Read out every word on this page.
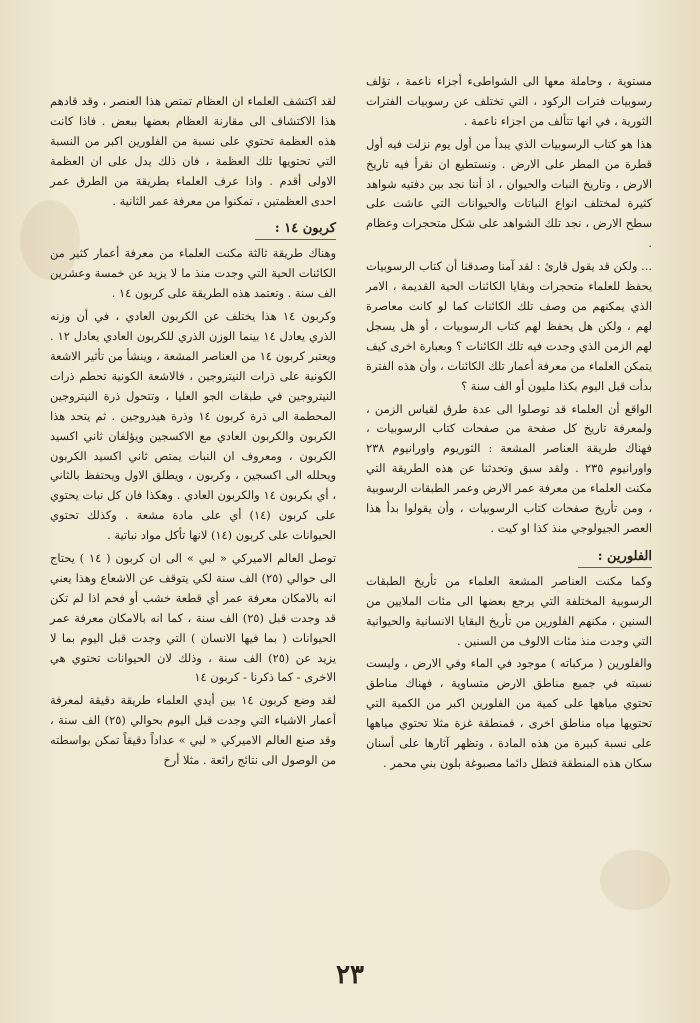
مستوية ، وحاملة معها الى الشواطىء أجزاء ناعمة ، تؤلف رسوبيات فترات الركود ، التي تختلف عن رسوبيات الفترات الثورية ، في انها تتألف من اجزاء ناعمة .

هذا هو كتاب الرسوبيات الذي يبدأ من أول يوم نزلت فيه أول قطرة من المطر على الارض . ونستطيع ان نقرأ فيه تاريخ الارض ، وتاريخ النبات والحيوان ، اذ أننا نجد بين دفتيه شواهد كثيرة لمختلف انواع النباتات والحيوانات التي عاشت على سطح الارض ، نجد تلك الشواهد على شكل متحجرات وعظام .

... ولكن قد يقول قارئ : لقد آمنا وصدقنا أن كتاب الرسوبيات يحفظ للعلماء متحجرات وبقايا الكائنات الحية القديمة ، الامر الذي يمكنهم من وصف تلك الكائنات كما لو كانت معاصرة لهم ، ولكن هل يحفظ لهم كتاب الرسوبيات ، أو هل يسجل لهم الزمن الذي وجدت فيه تلك الكائنات ؟ وبعبارة اخرى كيف يتمكن العلماء من معرفة أعمار تلك الكائنات ، وأن هذه الفترة بدأت قبل اليوم بكذا مليون أو الف سنة ؟

الواقع أن العلماء قد توصلوا الى عدة طرق لقياس الزمن ، ولمعرفة تاريخ كل صفحة من صفحات كتاب الرسوبيات ، فهناك طريقة العناصر المشعة : الثوريوم واورانيوم ٢٣٨ واورانيوم ٢٣٥ . ولقد سبق وتحدثنا عن هذه الطريقة التي مكنت العلماء من معرفة عمر الارض وعمر الطبقات الرسوبية ، ومن تأريخ صفحات كتاب الرسوبيات ، وأن يقولوا بدأ هذا العصر الجيولوجي منذ كذا او كيت .

الفلورين :

وكما مكنت العناصر المشعة العلماء من تأريخ الطبقات الرسوبية المختلفة التي يرجع بعضها الى مئات الملايين من السنين ، مكنهم الفلورين من تأريخ البقايا الانسانية والحيوانية التي وجدت منذ مئات الالوف من السنين .

والفلورين ( مركباته ) موجود في الماء وفي الارض ، وليست نسبته في جميع مناطق الارض متساوية ، فهناك مناطق تحتوي مياهها على كمية من الفلورين اكبر من الكمية التي تحتويها مياه مناطق اخرى ، فمنطقة غزة مثلا تحتوي مياهها على نسبة كبيرة من هذه المادة ، وتظهر آثارها على أسنان سكان هذه المنطقة فتظل دائما مصبوغة بلون بني محمر .

لقد اكتشف العلماء ان العظام تمتص هذا العنصر ، وقد قادهم هذا الاكتشاف الى مقارنة العظام بعضها ببعض . فاذا كانت هذه العظمة تحتوي على نسبة من الفلورين اكبر من النسبة التي تحتويها تلك العظمة ، فان ذلك يدل على ان العظمة الاولى أقدم . واذا عرف العلماء بطريقة من الطرق عمر احدى العظمتين ، تمكنوا من معرفة عمر الثانية .

كربون ١٤ :

وهناك طريقة ثالثة مكنت العلماء من معرفة أعمار كثير من الكائنات الحية التي وجدت منذ ما لا يزيد عن خمسة وعشرين الف سنة . وتعتمد هذه الطريقة على كربون ١٤ .

وكربون ١٤ هذا يختلف عن الكربون العادي ، في أن وزنه الذري يعادل ١٤ بينما الوزن الذري للكربون العادي يعادل ١٢ . ويعتبر كربون ١٤ من العناصر المشعة ، وينشأ من تأثير الاشعة الكونية على ذرات النيتروجين ، فالاشعة الكونية تحطم ذرات النيتروجين في طبقات الجو العليا ، وتتحول ذرة النيتروجين المحطمة الى ذرة كربون ١٤ وذرة هيدروجين . ثم يتحد هذا الكربون والكربون العادي مع الاكسجين ويؤلفان ثاني اكسيد الكربون ، ومعروف ان النبات يمتص ثاني اكسيد الكربون ويحلله الى اكسجين ، وكربون ، ويطلق الاول ويحتفظ بالثاني ، أي بكربون ١٤ والكربون العادي . وهكذا فان كل نبات يحتوي على كربون (١٤) أي على مادة مشعة . وكذلك تحتوي الحيوانات على كربون (١٤) لانها تأكل مواد نباتية .

توصل العالم الاميركي « لبي » الى ان كربون ( ١٤ ) يحتاج الى حوالي (٢٥) الف سنة لكي يتوقف عن الاشعاع وهذا يعني انه بالامكان معرفة عمر أي قطعة خشب أو فحم اذا لم تكن قد وجدت قبل (٢٥) الف سنة ، كما انه بالامكان معرفة عمر الحيوانات ( بما فيها الانسان ) التي وجدت قبل اليوم بما لا يزيد عن (٢٥) الف سنة ، وذلك لان الحيوانات تحتوي هي الاخرى - كما ذكرنا - كربون ١٤

لقد وضع كربون ١٤ بين أيدي العلماء طريقة دقيقة لمعرفة أعمار الاشياء التي وجدت قبل اليوم بحوالي (٢٥) الف سنة ، وقد صنع العالم الاميركي « لبي » عداداً دقيقاً تمكن بواسطته من الوصول الى نتائج رائعة . مثلا أرخ

٢٣
